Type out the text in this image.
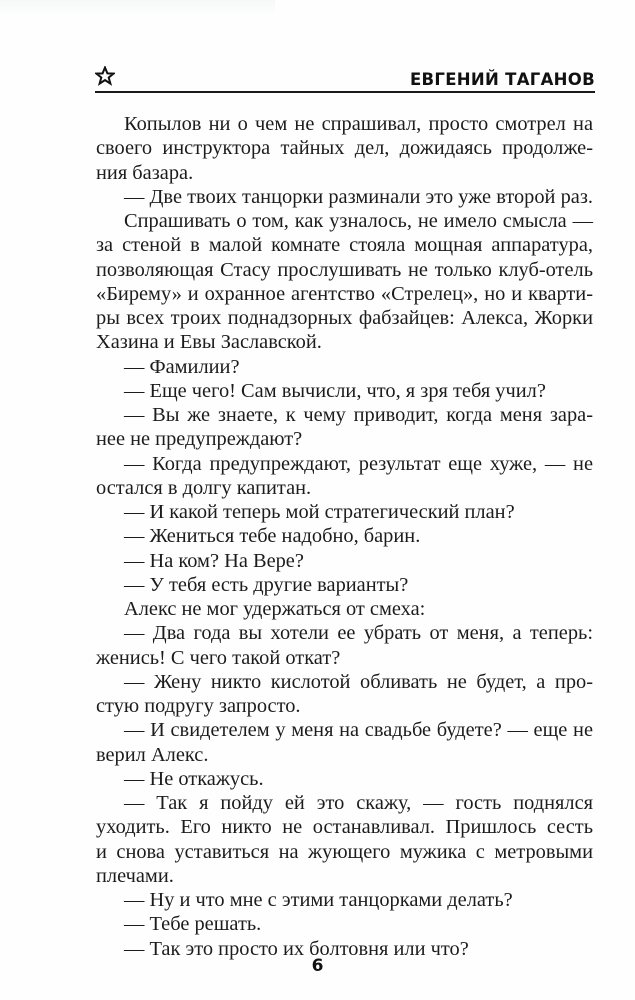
ЕВГЕНИЙ ТАГАНОВ
Копылов ни о чем не спрашивал, просто смотрел на
своего инструктора тайных дел, дожидаясь продолже-
ния базара.
— Две твоих танцорки разминали это уже второй раз.
Спрашивать о том, как узналось, не имело смысла —
за стеной в малой комнате стояла мощная аппаратура,
позволяющая Стасу прослушивать не только клуб-отель
«Бирему» и охранное агентство «Стрелец», но и кварти-
ры всех троих поднадзорных фабзайцев: Алекса, Жорки
Хазина и Евы Заславской.
— Фамилии?
— Еще чего! Сам вычисли, что, я зря тебя учил?
— Вы же знаете, к чему приводит, когда меня зара-
нее не предупреждают?
— Когда предупреждают, результат еще хуже, — не
остался в долгу капитан.
— И какой теперь мой стратегический план?
— Жениться тебе надобно, барин.
— На ком? На Вере?
— У тебя есть другие варианты?
Алекс не мог удержаться от смеха:
— Два года вы хотели ее убрать от меня, а теперь:
женись! С чего такой откат?
— Жену никто кислотой обливать не будет, а про-
стую подругу запросто.
— И свидетелем у меня на свадьбе будете? — еще не
верил Алекс.
— Не откажусь.
— Так я пойду ей это скажу, — гость поднялся
уходить. Его никто не останавливал. Пришлось сесть
и снова уставиться на жующего мужика с метровыми
плечами.
— Ну и что мне с этими танцорками делать?
— Тебе решать.
— Так это просто их болтовня или что?
6
